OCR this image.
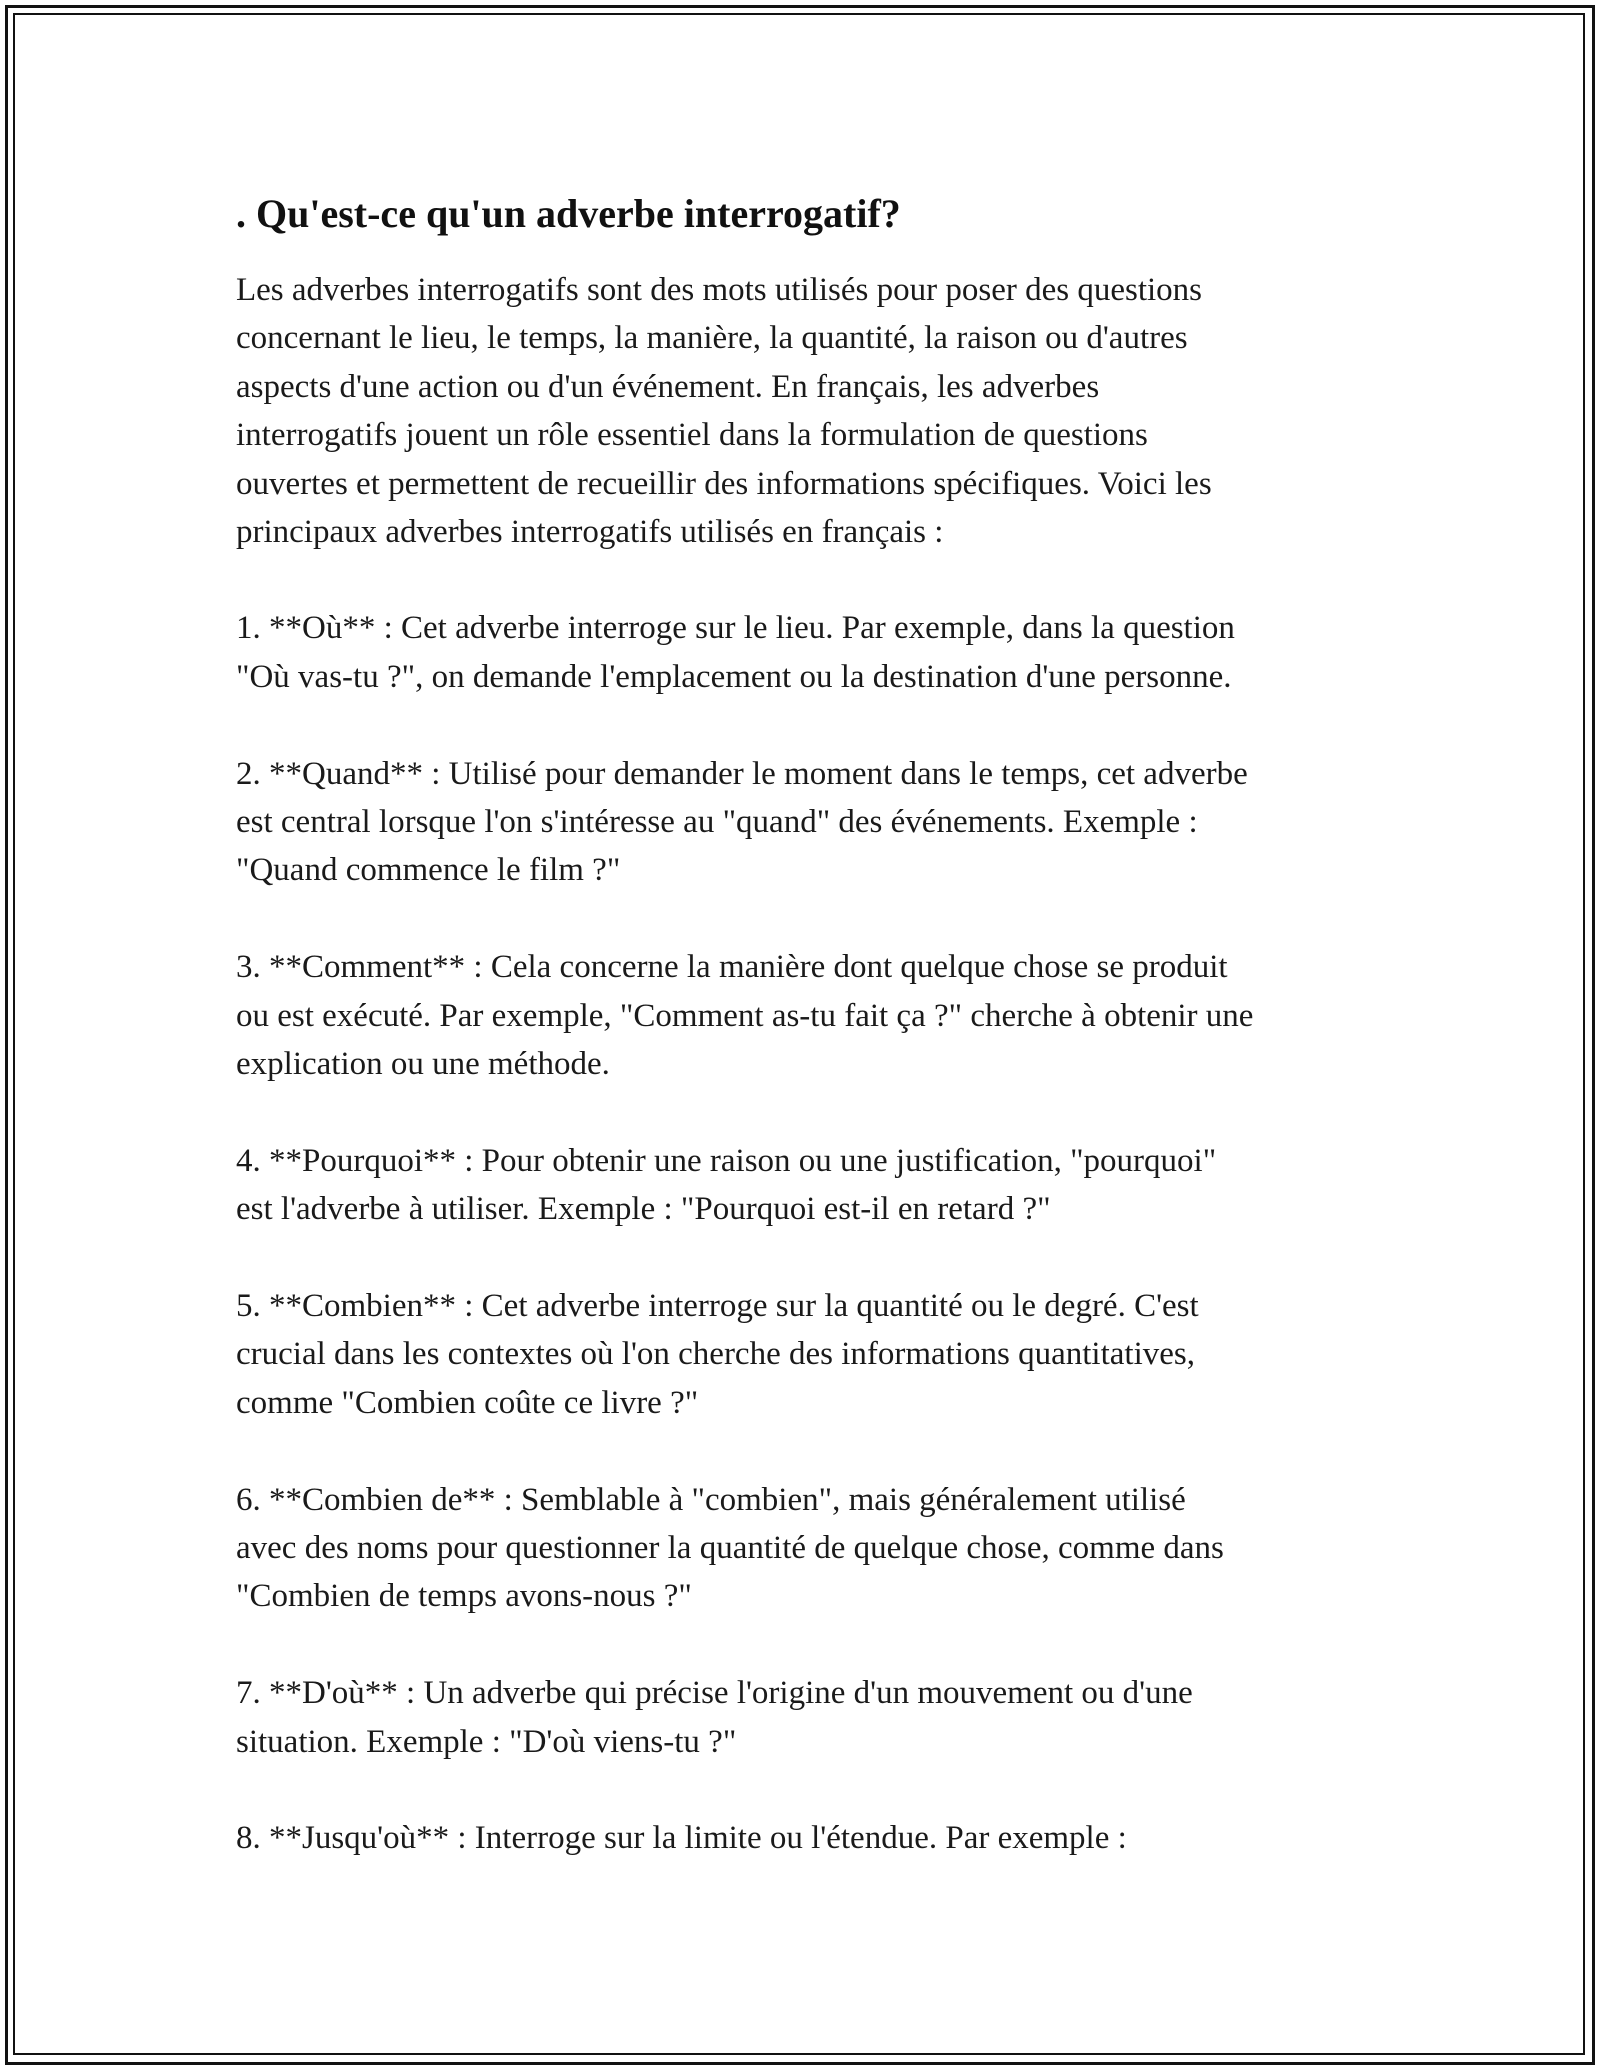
. Qu'est-ce qu'un adverbe interrogatif?
Les adverbes interrogatifs sont des mots utilisés pour poser des questions
concernant le lieu, le temps, la manière, la quantité, la raison ou d'autres
aspects d'une action ou d'un événement. En français, les adverbes
interrogatifs jouent un rôle essentiel dans la formulation de questions
ouvertes et permettent de recueillir des informations spécifiques. Voici les
principaux adverbes interrogatifs utilisés en français :
1. **Où** : Cet adverbe interroge sur le lieu. Par exemple, dans la question
"Où vas-tu ?", on demande l'emplacement ou la destination d'une personne.
2. **Quand** : Utilisé pour demander le moment dans le temps, cet adverbe
est central lorsque l'on s'intéresse au "quand" des événements. Exemple :
"Quand commence le film ?"
3. **Comment** : Cela concerne la manière dont quelque chose se produit
ou est exécuté. Par exemple, "Comment as-tu fait ça ?" cherche à obtenir une
explication ou une méthode.
4. **Pourquoi** : Pour obtenir une raison ou une justification, "pourquoi"
est l'adverbe à utiliser. Exemple : "Pourquoi est-il en retard ?"
5. **Combien** : Cet adverbe interroge sur la quantité ou le degré. C'est
crucial dans les contextes où l'on cherche des informations quantitatives,
comme "Combien coûte ce livre ?"
6. **Combien de** : Semblable à "combien", mais généralement utilisé
avec des noms pour questionner la quantité de quelque chose, comme dans
"Combien de temps avons-nous ?"
7. **D'où** : Un adverbe qui précise l'origine d'un mouvement ou d'une
situation. Exemple : "D'où viens-tu ?"
8. **Jusqu'où** : Interroge sur la limite ou l'étendue. Par exemple :
